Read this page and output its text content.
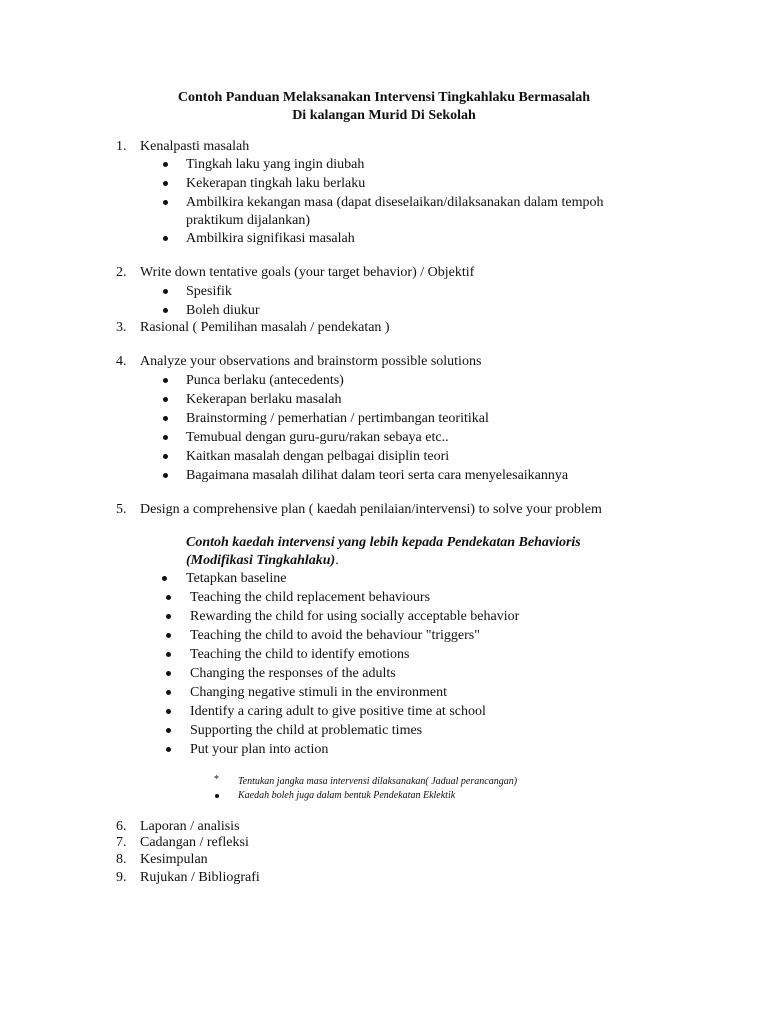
Contoh Panduan Melaksanakan Intervensi Tingkahlaku Bermasalah
Di kalangan Murid Di Sekolah
1. Kenalpasti masalah
Tingkah laku yang ingin diubah
Kekerapan tingkah laku berlaku
Ambilkira kekangan masa (dapat diseselaikan/dilaksanakan dalam tempoh
praktikum dijalankan)
Ambilkira signifikasi masalah
2. Write down tentative goals (your target behavior) / Objektif
Spesifik
Boleh diukur
3. Rasional ( Pemilihan masalah / pendekatan )
4. Analyze your observations and brainstorm possible solutions
Punca berlaku (antecedents)
Kekerapan berlaku masalah
Brainstorming / pemerhatian / pertimbangan teoritikal
Temubual dengan guru-guru/rakan sebaya etc..
Kaitkan masalah dengan pelbagai disiplin teori
Bagaimana masalah dilihat dalam teori serta cara menyelesaikannya
5. Design a comprehensive plan ( kaedah penilaian/intervensi) to solve your problem
Contoh kaedah intervensi yang lebih kepada Pendekatan Behavioris
(Modifikasi Tingkahlaku).
Tetapkan baseline
Teaching the child replacement behaviours
Rewarding the child for using socially acceptable behavior
Teaching the child to avoid the behaviour "triggers"
Teaching the child to identify emotions
Changing the responses of the adults
Changing negative stimuli in the environment
Identify a caring adult to give positive time at school
Supporting the child at problematic times
Put your plan into action
* Tentukan jangka masa intervensi dilaksanakan( Jadual perancangan)
Kaedah boleh juga dalam bentuk Pendekatan Eklektik
6. Laporan / analisis
7. Cadangan / refleksi
8. Kesimpulan
9. Rujukan / Bibliografi
